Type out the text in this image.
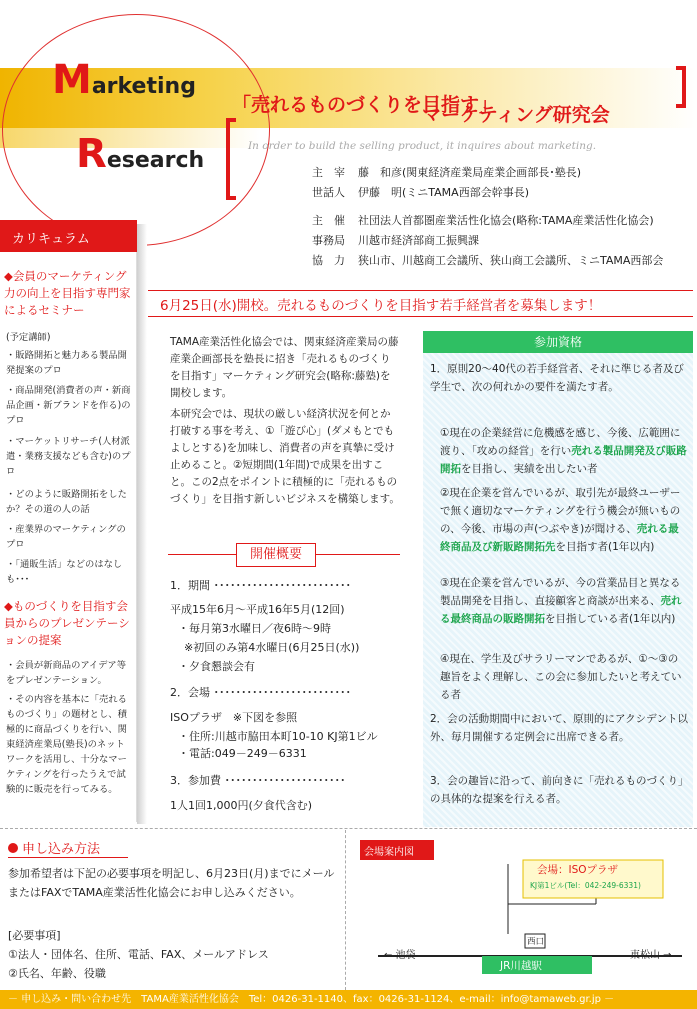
Marketing
Research
「売れるものづくりを目指す」
マーケティング研究会
In order to build the selling product, it inquires about marketing.
主　宰 藤　和彦(関東経済産業局産業企画部長･塾長)
世話人 伊藤　明(ミニTAMA西部会幹事長)
主　催 社団法人首都圏産業活性化協会(略称:TAMA産業活性化協会)
事務局 川越市経済部商工振興課
協　力 狭山市、川越商工会議所、狭山商工会議所、ミニTAMA西部会
カリキュラム
◆会員のマーケティング力の向上を目指す専門家によるセミナー
(予定講師)
・販路開拓と魅力ある製品開発提案のプロ
・商品開発(消費者の声・新商品企画・新ブランドを作る)のプロ
・マーケットリサーチ(人材派遣・業務支援なども含む)のプロ
・どのように販路開拓をしたか？その道の人の話
・産業界のマーケティングのプロ
・「通販生活」などのはなしも･･･
◆ものづくりを目指す会員からのプレゼンテーションの提案
・会員が新商品のアイデア等をプレゼンテーション。
・その内容を基本に「売れるものづくり」の題材とし、積極的に商品づくりを行い、関東経済産業局(塾長)のネットワークを活用し、十分なマーケティングを行ったうえで試験的に販売を行ってみる。
6月25日(水)開校。売れるものづくりを目指す若手経営者を募集します！
TAMA産業活性化協会では、関東経済産業局の藤産業企画部長を塾長に招き「売れるものづくりを目指す」マーケティング研究会(略称:藤塾)を開校します。
本研究会では、現状の厳しい経済状況を何とか打破する事を考え、①「遊び心」(ダメもとでもよしとする)を加味し、消費者の声を真摯に受け止めること。②短期間(1年間)で成果を出すこと。この2点をポイントに積極的に「売れるものづくり」を目指す新しいビジネスを構築します。
開催概要
1．期間 ･････････････････････････
平成15年6月～平成16年5月(12回)
・毎月第3水曜日／夜6時～9時
※初回のみ第4水曜日(6月25日(水))
・夕食懇談会有
2．会場 ･････････････････････････
ISOプラザ　※下図を参照
・住所:川越市脇田本町10-10 KJ第1ビル
・電話:049－249－6331
3．参加費 ･･････････････････････
1人1回1,000円(夕食代含む)
参加資格
1．原則20～40代の若手経営者、それに準じる者及び学生で、次の何れかの要件を満たす者。
①現在の企業経営に危機感を感じ、今後、広範囲に渡り、「攻めの経営」を行い売れる製品開発及び販路開拓を目指し、実績を出したい者
②現在企業を営んでいるが、取引先が最終ユーザーで無く適切なマーケティングを行う機会が無いものの、今後、市場の声(つぶやき)が聞ける、売れる最終商品及び新販路開拓先を目指す者(1年以内)
③現在企業を営んでいるが、今の営業品目と異なる製品開発を目指し、直接顧客と商談が出来る、売れる最終商品の販路開拓を目指している者(1年以内)
④現在、学生及びサラリーマンであるが、①～③の趣旨をよく理解し、この会に参加したいと考えている者
2．会の活動期間中において、原則的にアクシデント以外、毎月開催する定例会に出席できる者。
3．会の趣旨に沿って、前向きに「売れるものづくり」の具体的な提案を行える者。
申し込み方法
参加希望者は下記の必要事項を明記し、6月23日(月)までにメールまたはFAXでTAMA産業活性化協会にお申し込みください。
[必要事項]
①法人・団体名、住所、電話、FAX、メールアドレス
②氏名、年齢、役職
会場案内図
会場：ISOプラザ
KJ第1ビル(Tel：042-249-6331)
西口
JR川越駅
← 池袋	東松山 →
－ 申し込み・問い合わせ先　TAMA産業活性化協会　Tel：0426-31-1140、fax：0426-31-1124、e-mail：info@tamaweb.gr.jp －
